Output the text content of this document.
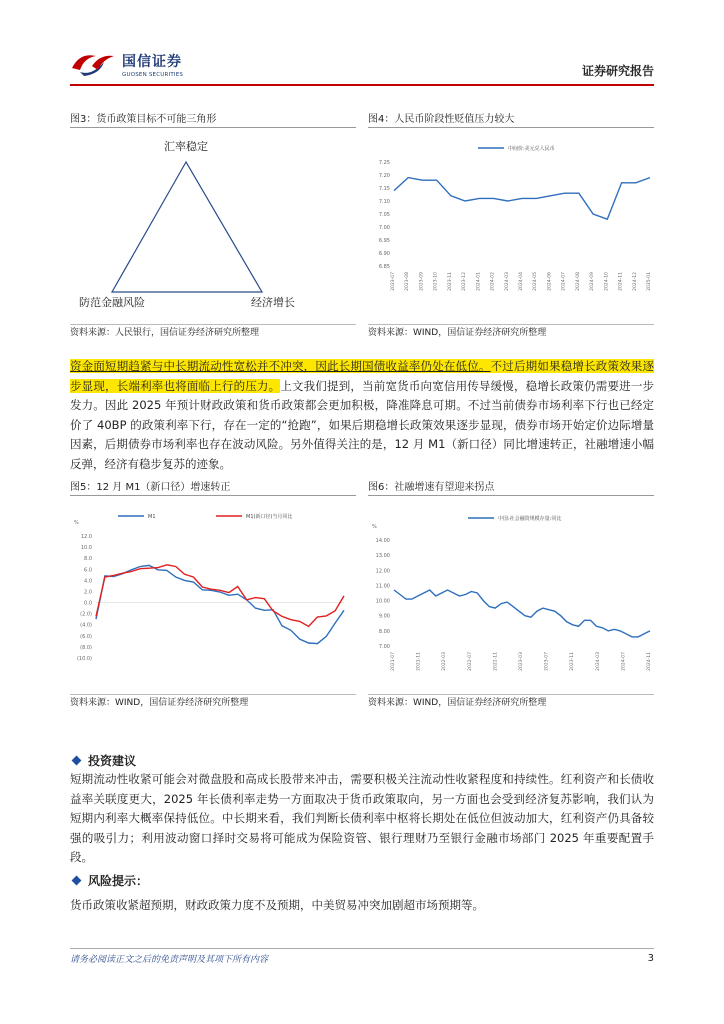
国信证券
GUOSEN SECURITIES	证券研究报告
图3：货币政策目标不可能三角形
汇率稳定
防范金融风险	经济增长
资料来源：人民银行，国信证券经济研究所整理
图4：人民币阶段性贬值压力较大
7.25
7.20
7.15
7.10
7.05
7.00
6.95
6.90
6.85
2023-07 2023-08 2023-09 2023-10 2023-11 2023-12 2024-01 2024-02 2024-03 2024-04 2024-05 2024-06 2024-07 2024-08 2024-09 2024-10 2024-11 2024-12 2025-01
中间价:美元兑人民币
资料来源：WIND，国信证券经济研究所整理
资金面短期趋紧与中长期流动性宽松并不冲突，因此长期国债收益率仍处在低位。不过后期如果稳增长政策效果逐步显现，长端利率也将面临上行的压力。上文我们提到，当前宽货币向宽信用传导缓慢，稳增长政策仍需要进一步发力。因此 2025 年预计财政政策和货币政策都会更加积极，降准降息可期。不过当前债券市场利率下行也已经定价了 40BP 的政策利率下行，存在一定的“抢跑”，如果后期稳增长政策效果逐步显现，债券市场开始定价边际增量因素，后期债券市场利率也存在波动风险。另外值得关注的是，12 月 M1（新口径）同比增速转正，社融增速小幅反弹，经济有稳步复苏的迹象。
图5：12 月 M1（新口径）增速转正
12.0
10.0
8.0
6.0
4.0
2.0
0.0
(2.0)
(4.0)
(6.0)
(8.0)
(10.0)
%
M1	M1(新口径)当月同比
资料来源：WIND，国信证券经济研究所整理
图6：社融增速有望迎来拐点
14.00
13.00
12.00
11.00
10.00
9.00
8.00
7.00
%
2021-07	2021-11	2022-03	2022-07	2022-11	2023-03	2023-07	2023-11	2024-03	2024-07	2024-11
中国:社会融资规模存量:同比
资料来源：WIND，国信证券经济研究所整理
投资建议
短期流动性收紧可能会对微盘股和高成长股带来冲击，需要积极关注流动性收紧程度和持续性。红利资产和长债收益率关联度更大，2025 年长债利率走势一方面取决于货币政策取向，另一方面也会受到经济复苏影响，我们认为短期内利率大概率保持低位。中长期来看，我们判断长债利率中枢将长期处在低位但波动加大，红利资产仍具备较强的吸引力；利用波动窗口择时交易将可能成为保险资管、银行理财乃至银行金融市场部门 2025 年重要配置手段。
风险提示：
货币政策收紧超预期，财政政策力度不及预期，中美贸易冲突加剧超市场预期等。
请务必阅读正文之后的免责声明及其项下所有内容	3
